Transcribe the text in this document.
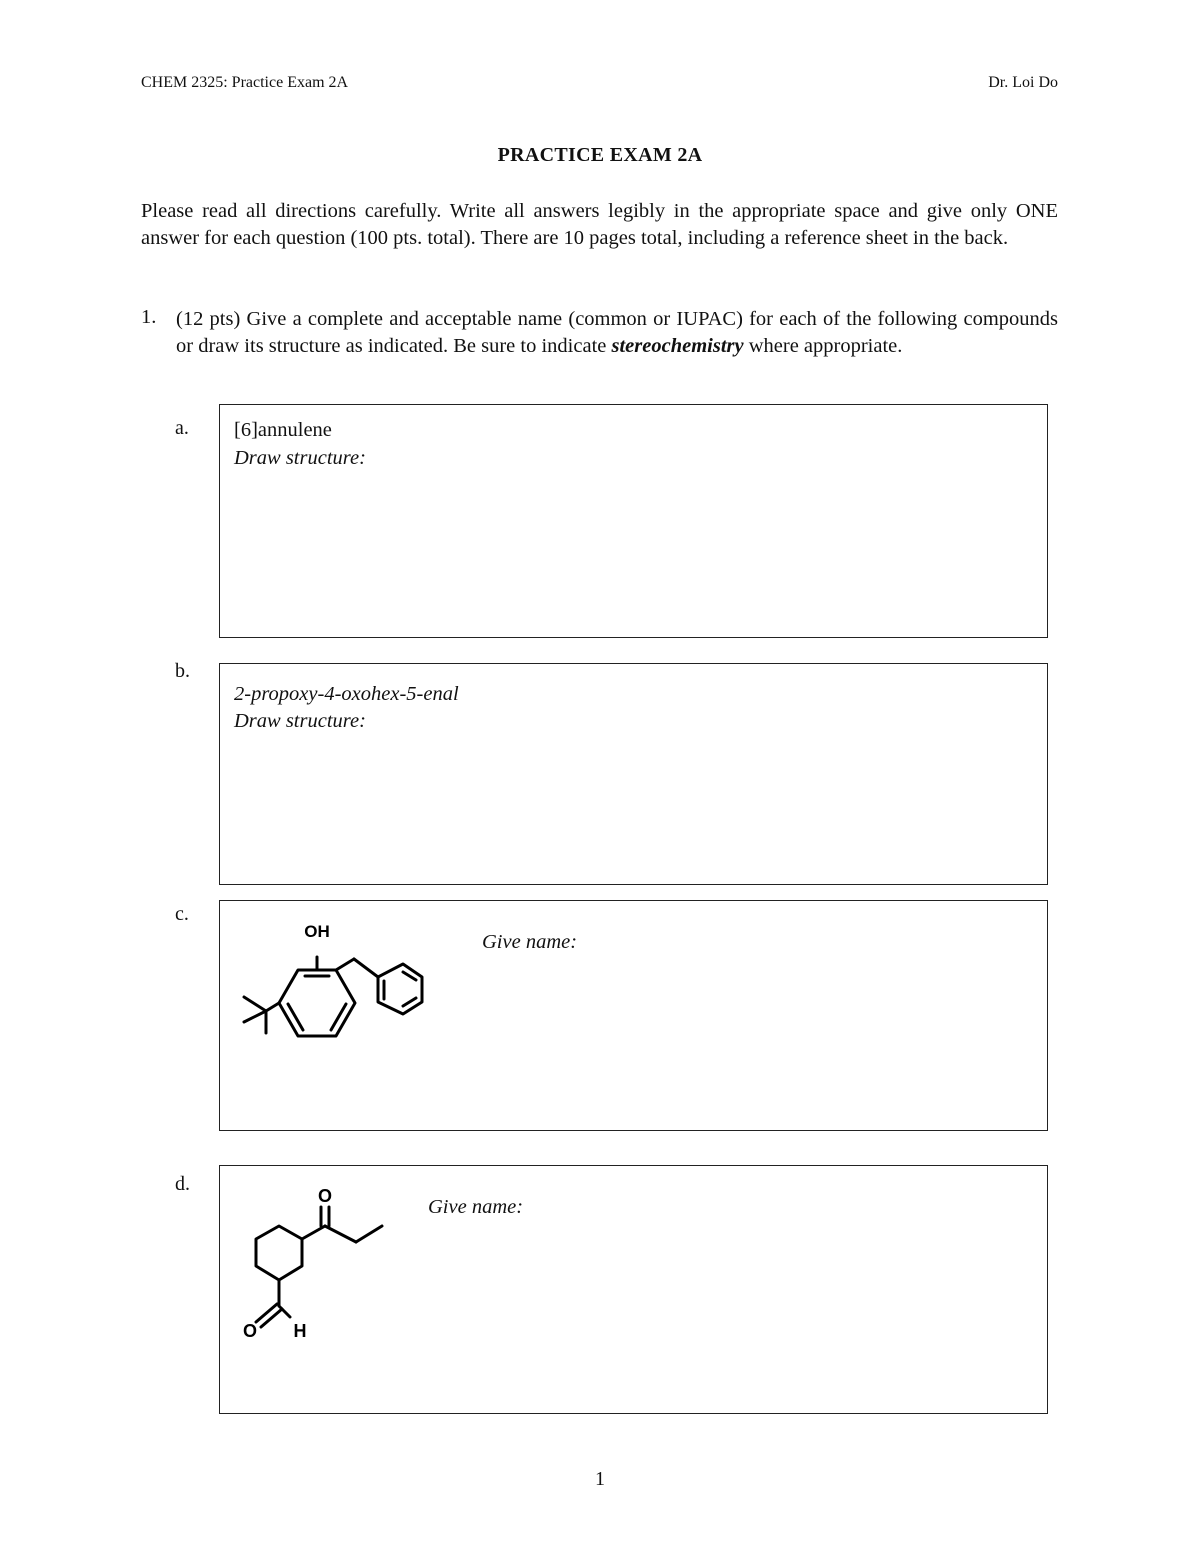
CHEM 2325: Practice Exam 2A	Dr. Loi Do
PRACTICE EXAM 2A
Please read all directions carefully. Write all answers legibly in the appropriate space and give only ONE answer for each question (100 pts. total). There are 10 pages total, including a reference sheet in the back.
1. (12 pts) Give a complete and acceptable name (common or IUPAC) for each of the following compounds or draw its structure as indicated. Be sure to indicate stereochemistry where appropriate.
a. [6]annulene
Draw structure:
b.
2-propoxy-4-oxohex-5-enal
Draw structure:
c.
OH	Give name:
d.
O
O H
Give name:
1
